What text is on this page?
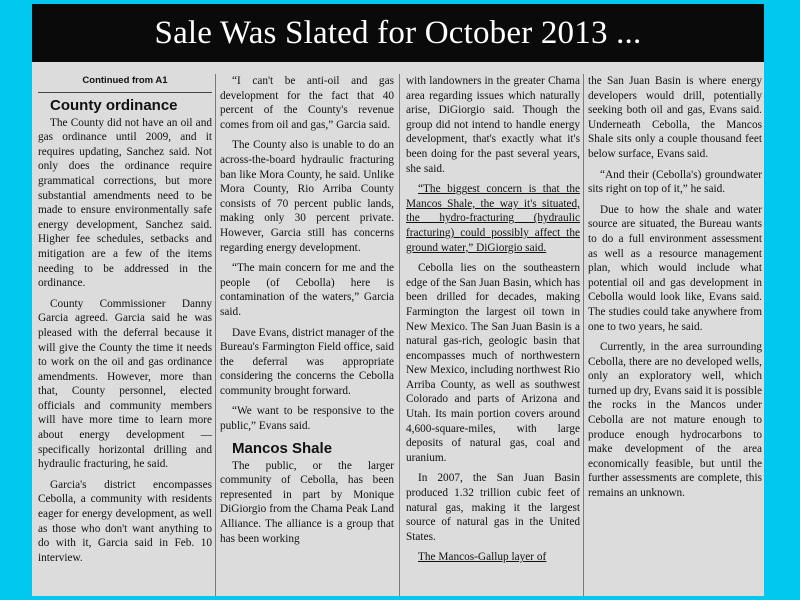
Sale Was Slated for October 2013 ...
Continued from A1
County ordinance

The County did not have an oil and gas ordinance until 2009, and it requires updating, Sanchez said. Not only does the ordinance require grammatical corrections, but more substantial amendments need to be made to ensure environmentally safe energy development, Sanchez said. Higher fee schedules, setbacks and mitigation are a few of the items needing to be addressed in the ordinance.

County Commissioner Danny Garcia agreed. Garcia said he was pleased with the deferral because it will give the County the time it needs to work on the oil and gas ordinance amendments. However, more than that, County personnel, elected officials and community members will have more time to learn more about energy development — specifically horizontal drilling and hydraulic fracturing, he said.

Garcia's district encompasses Cebolla, a community with residents eager for energy development, as well as those who don't want anything to do with it, Garcia said in Feb. 10 interview.

“I can't be anti-oil and gas development for the fact that 40 percent of the County's revenue comes from oil and gas,” Garcia said.

The County also is unable to do an across-the-board hydraulic fracturing ban like Mora County, he said. Unlike Mora County, Rio Arriba County consists of 70 percent public lands, making only 30 percent private. However, Garcia still has concerns regarding energy development.

“The main concern for me and the people (of Cebolla) here is contamination of the waters,” Garcia said.

Dave Evans, district manager of the Bureau's Farmington Field office, said the deferral was appropriate considering the concerns the Cebolla community brought forward.

“We want to be responsive to the public,” Evans said.

Mancos Shale

The public, or the larger community of Cebolla, has been represented in part by Monique DiGiorgio from the Chama Peak Land Alliance. The alliance is a group that has been working

with landowners in the greater Chama area regarding issues which naturally arise, DiGiorgio said. Though the group did not intend to handle energy development, that's exactly what it's been doing for the past several years, she said.

“The biggest concern is that the Mancos Shale, the way it's situated, the hydro-fracturing (hydraulic fracturing) could possibly affect the ground water,” DiGiorgio said.

Cebolla lies on the southeastern edge of the San Juan Basin, which has been drilled for decades, making Farmington the largest oil town in New Mexico. The San Juan Basin is a natural gas-rich, geologic basin that encompasses much of northwestern New Mexico, including northwest Rio Arriba County, as well as southwest Colorado and parts of Arizona and Utah. Its main portion covers around 4,600-square-miles, with large deposits of natural gas, coal and uranium.

In 2007, the San Juan Basin produced 1.32 trillion cubic feet of natural gas, making it the largest source of natural gas in the United States.

The Mancos-Gallup layer of

the San Juan Basin is where energy developers would drill, potentially seeking both oil and gas, Evans said. Underneath Cebolla, the Mancos Shale sits only a couple thousand feet below surface, Evans said.

“And their (Cebolla's) groundwater sits right on top of it,” he said.

Due to how the shale and water source are situated, the Bureau wants to do a full environment assessment as well as a resource management plan, which would include what potential oil and gas development in Cebolla would look like, Evans said. The studies could take anywhere from one to two years, he said.

Currently, in the area surrounding Cebolla, there are no developed wells, only an exploratory well, which turned up dry, Evans said it is possible the rocks in the Mancos under Cebolla are not mature enough to produce enough hydrocarbons to make development of the area economically feasible, but until the further assessments are complete, this remains an unknown.
